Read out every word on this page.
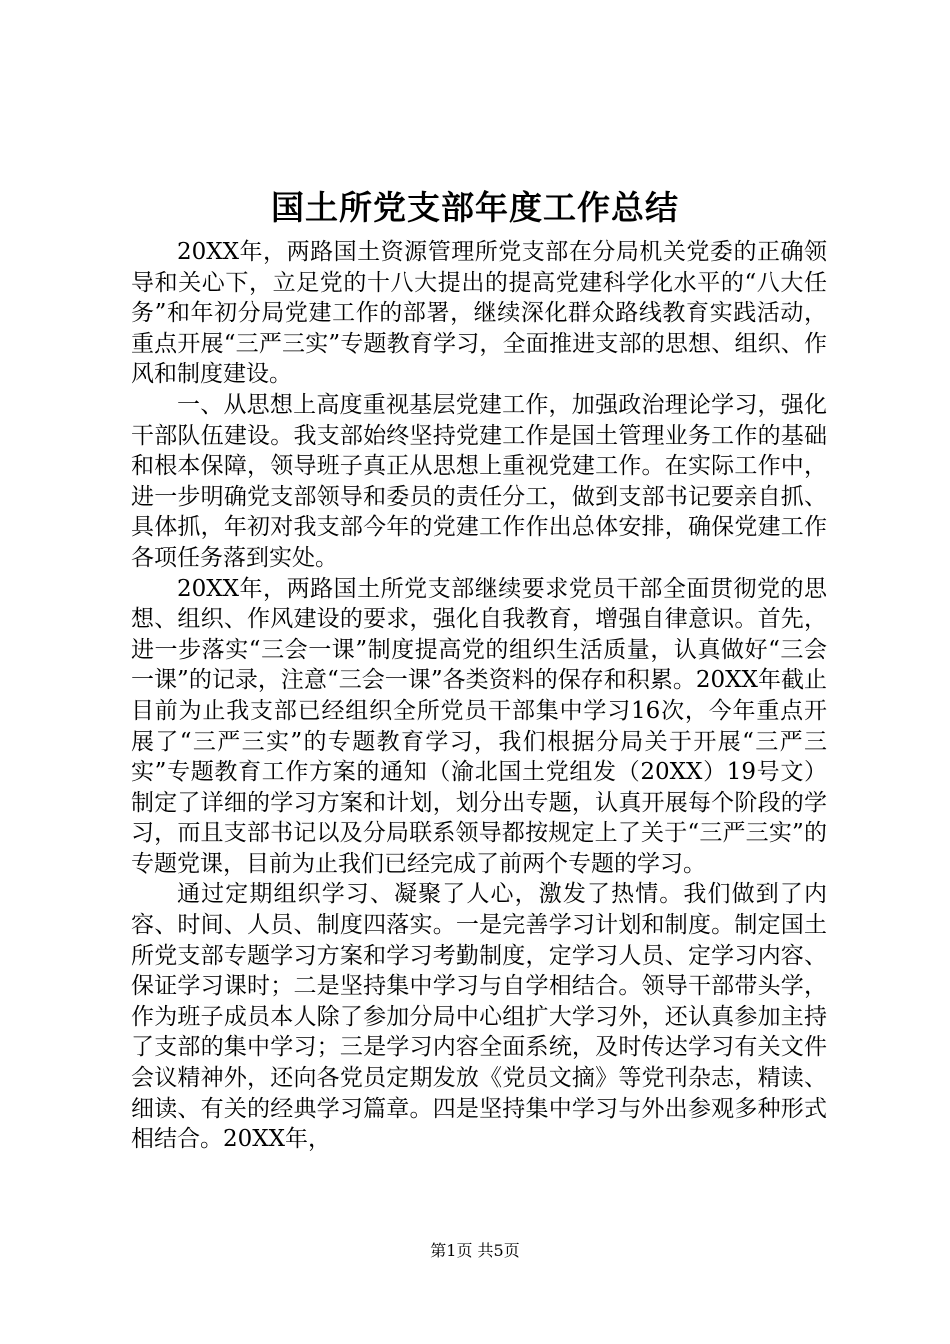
国土所党支部年度工作总结

20XX年，两路国土资源管理所党支部在分局机关党委的正确领导和关心下，立足党的十八大提出的提高党建科学化水平的“八大任务”和年初分局党建工作的部署，继续深化群众路线教育实践活动，重点开展“三严三实”专题教育学习，全面推进支部的思想、组织、作风和制度建设。

一、从思想上高度重视基层党建工作，加强政治理论学习，强化干部队伍建设。我支部始终坚持党建工作是国土管理业务工作的基础和根本保障，领导班子真正从思想上重视党建工作。在实际工作中，进一步明确党支部领导和委员的责任分工，做到支部书记要亲自抓、具体抓，年初对我支部今年的党建工作作出总体安排，确保党建工作各项任务落到实处。

20XX年，两路国土所党支部继续要求党员干部全面贯彻党的思想、组织、作风建设的要求，强化自我教育，增强自律意识。首先，进一步落实“三会一课”制度提高党的组织生活质量，认真做好“三会一课”的记录，注意“三会一课”各类资料的保存和积累。20XX年截止目前为止我支部已经组织全所党员干部集中学习16次，今年重点开展了“三严三实”的专题教育学习，我们根据分局关于开展“三严三实”专题教育工作方案的通知（渝北国土党组发（20XX）19号文）制定了详细的学习方案和计划，划分出专题，认真开展每个阶段的学习，而且支部书记以及分局联系领导都按规定上了关于“三严三实”的专题党课，目前为止我们已经完成了前两个专题的学习。

通过定期组织学习、凝聚了人心，激发了热情。我们做到了内容、时间、人员、制度四落实。一是完善学习计划和制度。制定国土所党支部专题学习方案和学习考勤制度，定学习人员、定学习内容、保证学习课时；二是坚持集中学习与自学相结合。领导干部带头学，作为班子成员本人除了参加分局中心组扩大学习外，还认真参加主持了支部的集中学习；三是学习内容全面系统，及时传达学习有关文件会议精神外，还向各党员定期发放《党员文摘》等党刊杂志，精读、细读、有关的经典学习篇章。四是坚持集中学习与外出参观多种形式相结合。20XX年，

第1页 共5页
